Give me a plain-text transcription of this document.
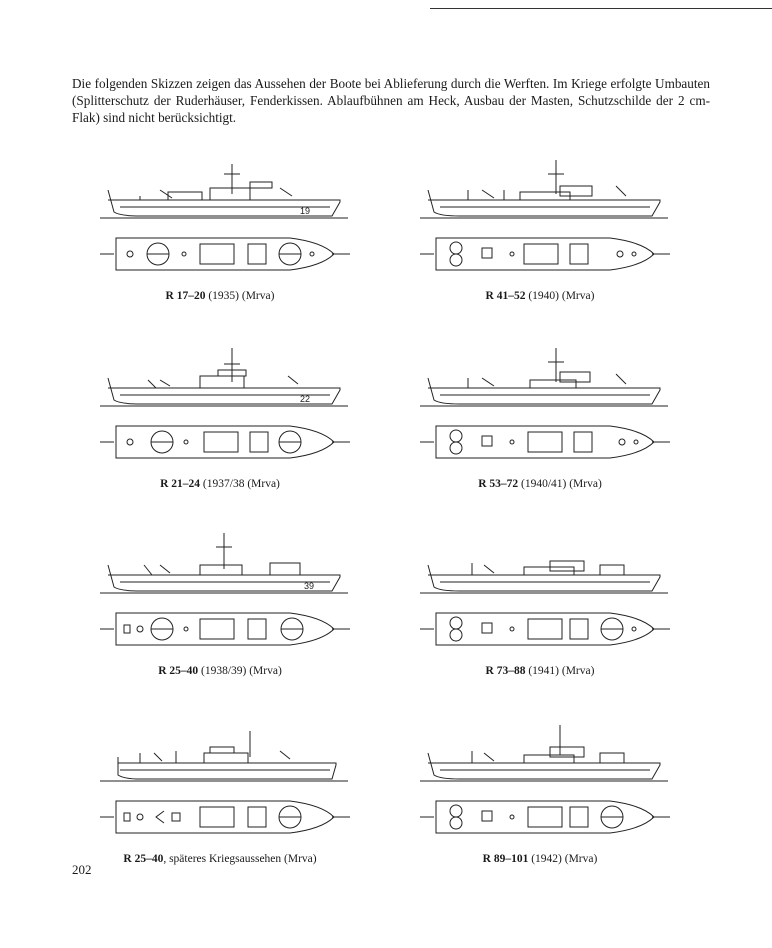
Die folgenden Skizzen zeigen das Aussehen der Boote bei Ablieferung durch die Werften. Im Kriege erfolgte Umbauten (Splitterschutz der Ruderhäuser, Fenderkissen. Ablaufbühnen am Heck, Ausbau der Masten, Schutzschilde der 2 cm-Flak) sind nicht berücksichtigt.

19
R 17–20 (1935) (Mrva)	R 41–52 (1940) (Mrva)
22
R 21–24 (1937/38 (Mrva)	R 53–72 (1940/41) (Mrva)
39
R 25–40 (1938/39) (Mrva)	R 73–88 (1941) (Mrva)
R 25–40, späteres Kriegsaussehen (Mrva)	R 89–101 (1942) (Mrva)
202
